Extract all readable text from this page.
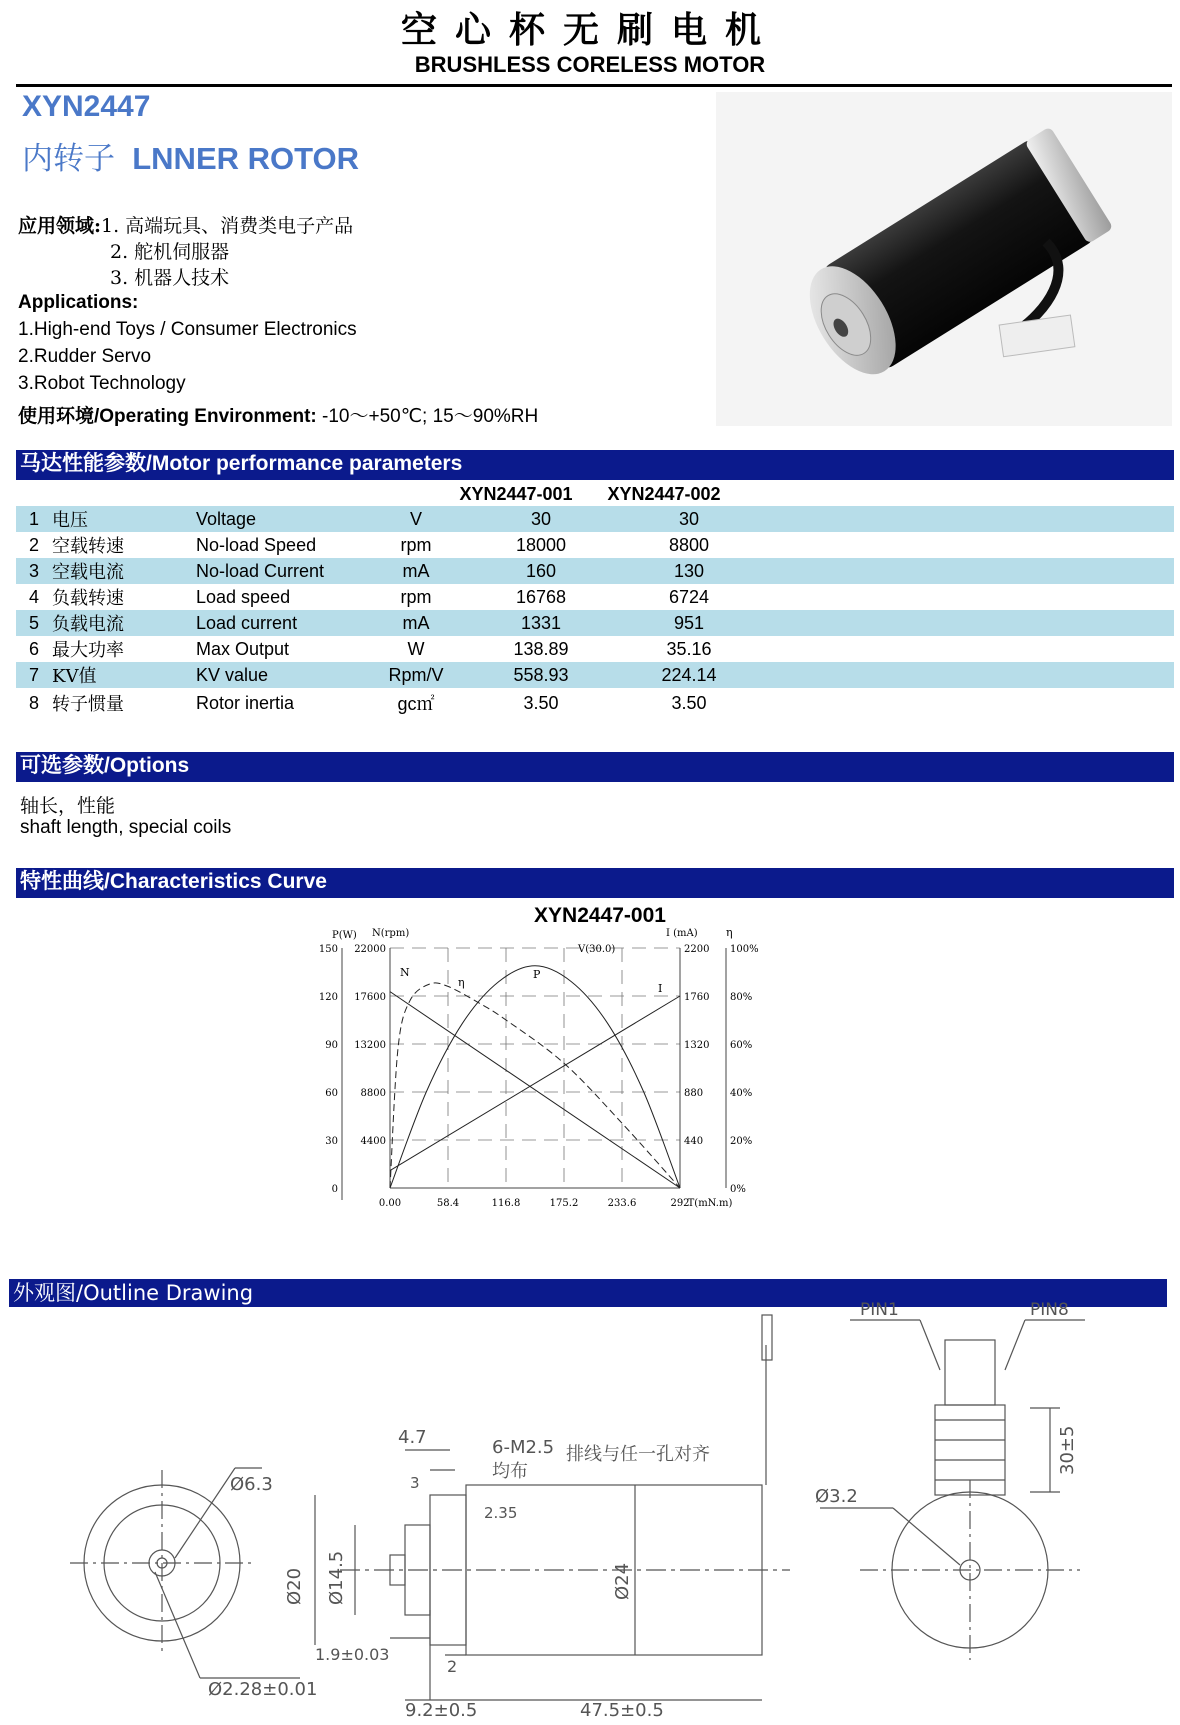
空心杯无刷电机
BRUSHLESS CORELESS MOTOR
XYN2447
内转子 LNNER ROTOR
应用领域:1. 高端玩具、消费类电子产品
2. 舵机伺服器
3. 机器人技术
Applications:
1.High-end Toys / Consumer Electronics
2.Rudder Servo
3.Robot Technology
使用环境/Operating Environment: -10～+50℃; 15～90%RH
马达性能参数/Motor performance parameters
XYN2447-001	XYN2447-002
1	电压	Voltage	V	30	30	
2	空载转速	No-load Speed	rpm	18000	8800	
3	空载电流	No-load Current	mA	160	130	
4	负载转速	Load speed	rpm	16768	6724	
5	负载电流	Load current	mA	1331	951	
6	最大功率	Max Output	W	138.89	35.16	
7	KV值	KV value	Rpm/V	558.93	224.14	
8	转子惯量	Rotor inertia	gc㎡	3.50	3.50	
可选参数/Options
轴长，性能
shaft length, special coils
特性曲线/Characteristics Curve
XYN2447-001
0.00	58.4	116.8	175.2	233.6	292
T(mN.m)
150
120
90
60
30
0
22000
17600
13200
8800
4400
2200
1760
1320
880
440
100%
80%
60%
40%
20%
0%
P(W) N(rpm)	I (mA)	η
V(30.0)
N
I
P
η
外观图/Outline Drawing
Ø6.3
Ø2.28±0.01
Ø20 Ø14.5	Ø24
47.5±0.5
9.2±0.5
1.9±0.03
2
4.7
3
2.35
6-M2.5
均布
排线与任一孔对齐
PIN1	PIN8
Ø3.2
30±5
